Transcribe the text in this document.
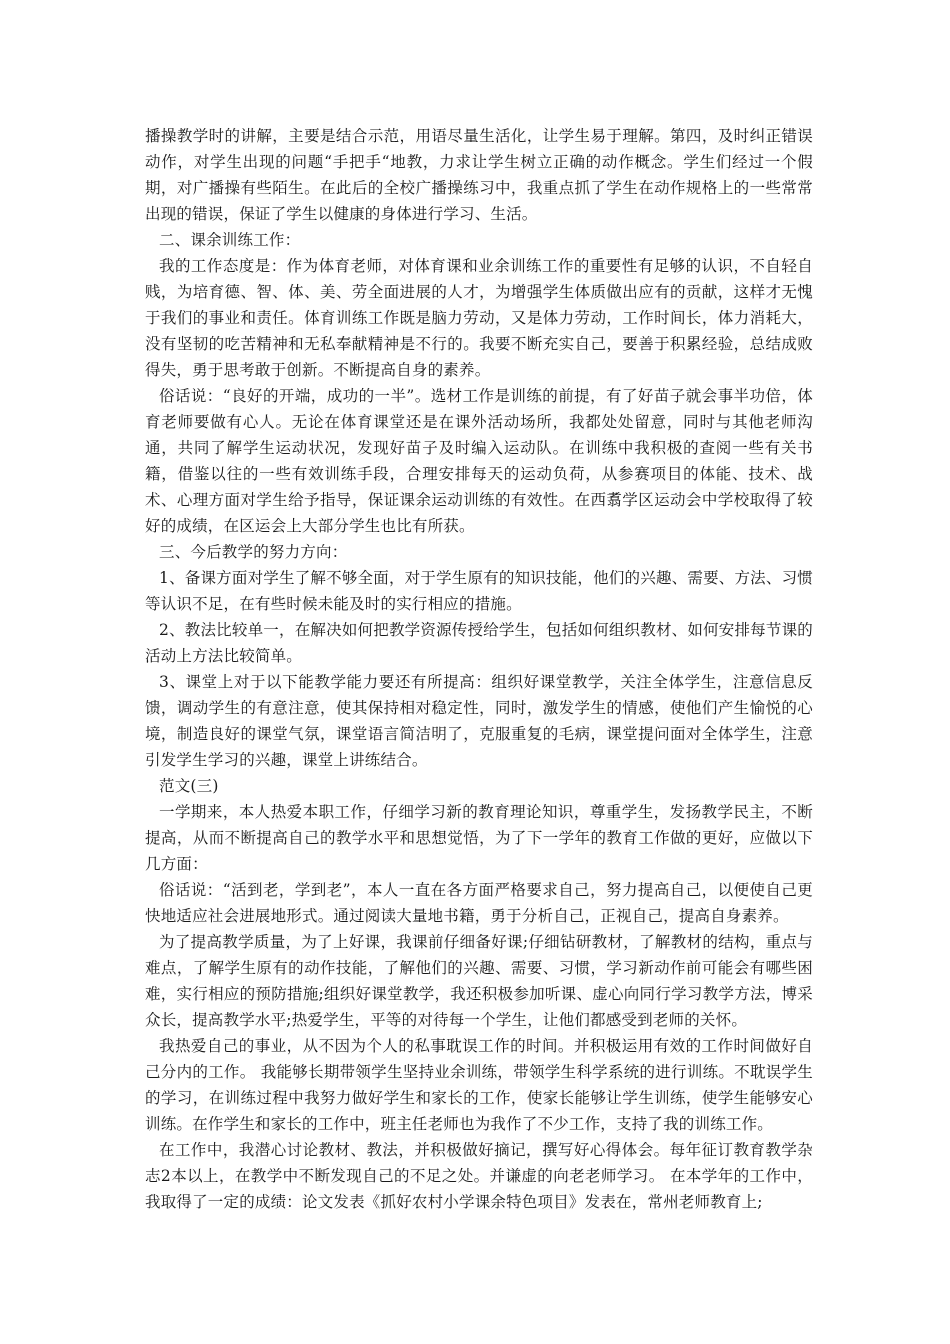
播操教学时的讲解，主要是结合示范，用语尽量生活化，让学生易于理解。第四，及时纠正错误动作，对学生出现的问题“手把手“地教，力求让学生树立正确的动作概念。学生们经过一个假期，对广播操有些陌生。在此后的全校广播操练习中，我重点抓了学生在动作规格上的一些常常出现的错误，保证了学生以健康的身体进行学习、生活。

二、课余训练工作：

我的工作态度是：作为体育老师，对体育课和业余训练工作的重要性有足够的认识，不自轻自贱，为培育德、智、体、美、劳全面进展的人才，为增强学生体质做出应有的贡献，这样才无愧于我们的事业和责任。体育训练工作既是脑力劳动，又是体力劳动，工作时间长，体力消耗大，没有坚韧的吃苦精神和无私奉献精神是不行的。我要不断充实自己，要善于积累经验，总结成败得失，勇于思考敢于创新。不断提高自身的素养。

俗话说：“良好的开端，成功的一半”。选材工作是训练的前提，有了好苗子就会事半功倍，体育老师要做有心人。无论在体育课堂还是在课外活动场所，我都处处留意，同时与其他老师沟通，共同了解学生运动状况，发现好苗子及时编入运动队。在训练中我积极的查阅一些有关书籍，借鉴以往的一些有效训练手段，合理安排每天的运动负荷，从参赛项目的体能、技术、战术、心理方面对学生给予指导，保证课余运动训练的有效性。在西翥学区运动会中学校取得了较好的成绩，在区运会上大部分学生也比有所获。

三、今后教学的努力方向：

1、备课方面对学生了解不够全面，对于学生原有的知识技能，他们的兴趣、需要、方法、习惯等认识不足，在有些时候未能及时的实行相应的措施。

2、教法比较单一，在解决如何把教学资源传授给学生，包括如何组织教材、如何安排每节课的活动上方法比较简单。

3、课堂上对于以下能教学能力要还有所提高：组织好课堂教学，关注全体学生，注意信息反馈，调动学生的有意注意，使其保持相对稳定性，同时，激发学生的情感，使他们产生愉悦的心境，制造良好的课堂气氛，课堂语言简洁明了，克服重复的毛病，课堂提问面对全体学生，注意引发学生学习的兴趣，课堂上讲练结合。

范文(三)

一学期来，本人热爱本职工作，仔细学习新的教育理论知识，尊重学生，发扬教学民主，不断提高，从而不断提高自己的教学水平和思想觉悟，为了下一学年的教育工作做的更好，应做以下几方面：

俗话说：“活到老，学到老”，本人一直在各方面严格要求自己，努力提高自己，以便使自己更快地适应社会进展地形式。通过阅读大量地书籍，勇于分析自己，正视自己，提高自身素养。

为了提高教学质量，为了上好课，我课前仔细备好课;仔细钻研教材，了解教材的结构，重点与难点，了解学生原有的动作技能，了解他们的兴趣、需要、习惯，学习新动作前可能会有哪些困难，实行相应的预防措施;组织好课堂教学，我还积极参加听课、虚心向同行学习教学方法，博采众长，提高教学水平;热爱学生，平等的对待每一个学生，让他们都感受到老师的关怀。

我热爱自己的事业，从不因为个人的私事耽误工作的时间。并积极运用有效的工作时间做好自己分内的工作。 我能够长期带领学生坚持业余训练，带领学生科学系统的进行训练。不耽误学生的学习，在训练过程中我努力做好学生和家长的工作，使家长能够让学生训练，使学生能够安心训练。在作学生和家长的工作中，班主任老师也为我作了不少工作，支持了我的训练工作。

在工作中，我潜心讨论教材、教法，并积极做好摘记，撰写好心得体会。每年征订教育教学杂志2本以上，在教学中不断发现自己的不足之处。并谦虚的向老老师学习。 在本学年的工作中，我取得了一定的成绩：论文发表《抓好农村小学课余特色项目》发表在，常州老师教育上;
